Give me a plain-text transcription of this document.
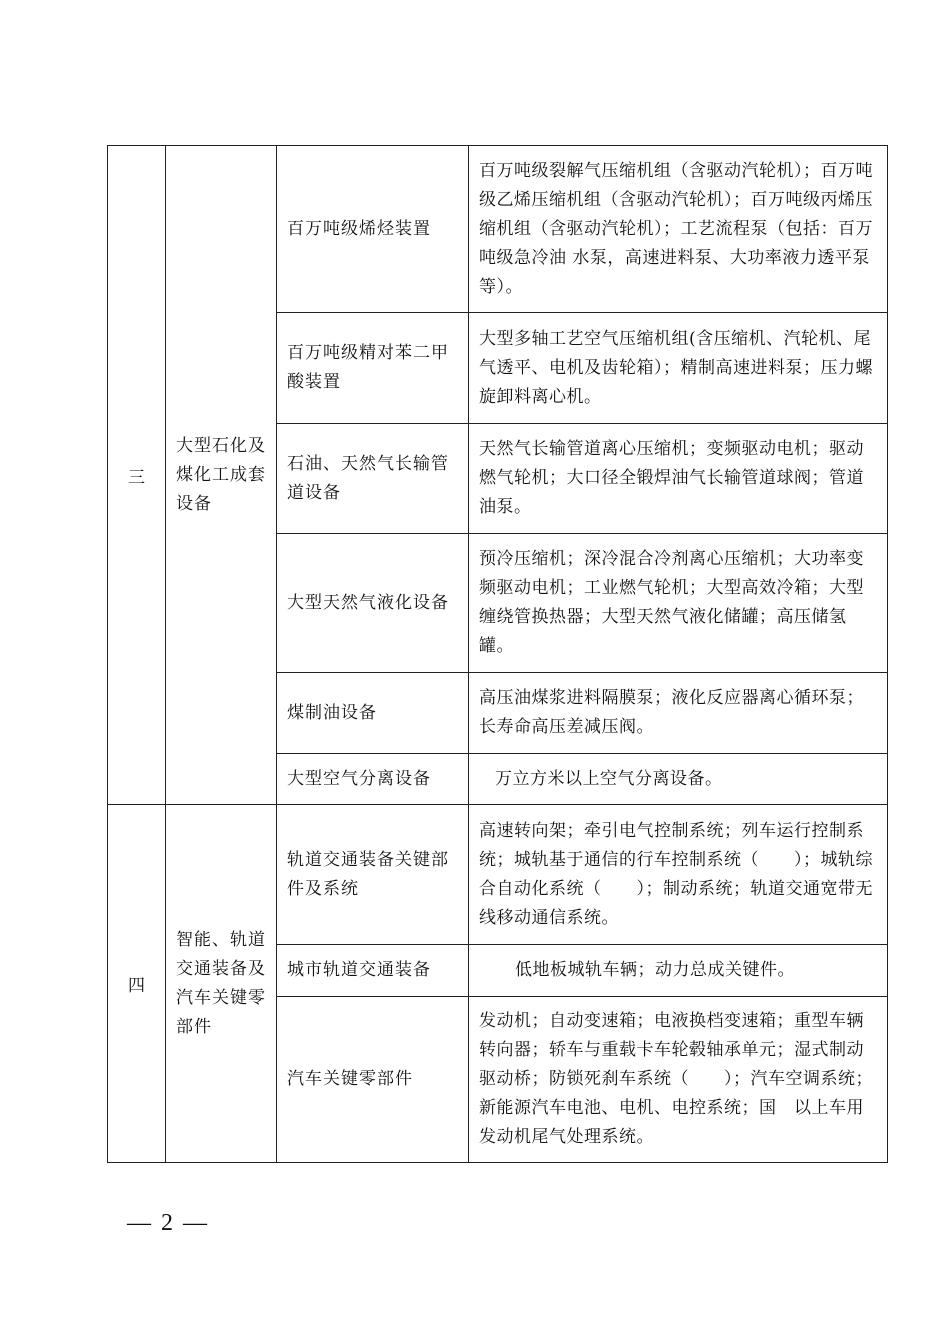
三	大型石化及煤化工成套设备	百万吨级烯烃装置	百万吨级裂解气压缩机组（含驱动汽轮机）；百万吨级乙烯压缩机组（含驱动汽轮机）；百万吨级丙烯压缩机组（含驱动汽轮机）；工艺流程泵（包括：百万吨级急冷油 水泵，高速进料泵、大功率液力透平泵等）。
		百万吨级精对苯二甲酸装置	大型多轴工艺空气压缩机组(含压缩机、汽轮机、尾气透平、电机及齿轮箱）；精制高速进料泵；压力螺旋卸料离心机。
		石油、天然气长输管道设备	天然气长输管道离心压缩机；变频驱动电机；驱动燃气轮机；大口径全锻焊油气长输管道球阀；管道油泵。
		大型天然气液化设备	预冷压缩机；深冷混合冷剂离心压缩机；大功率变频驱动电机；工业燃气轮机；大型高效冷箱；大型缠绕管换热器；大型天然气液化储罐；高压储氢罐。
		煤制油设备	高压油煤浆进料隔膜泵；液化反应器离心循环泵；长寿命高压差减压阀。
		大型空气分离设备	万立方米以上空气分离设备。
四	智能、轨道交通装备及汽车关键零部件	轨道交通装备关键部件及系统	高速转向架；牵引电气控制系统；列车运行控制系统；城轨基于通信的行车控制系统（　　）；城轨综合自动化系统（　　）；制动系统；轨道交通宽带无线移动通信系统。
		城市轨道交通装备	低地板城轨车辆；动力总成关键件。
		汽车关键零部件	发动机；自动变速箱；电液换档变速箱；重型车辆转向器；轿车与重载卡车轮毂轴承单元；湿式制动驱动桥；防锁死刹车系统（　　）；汽车空调系统；新能源汽车电池、电机、电控系统；国　以上车用发动机尾气处理系统。
— 2 —
